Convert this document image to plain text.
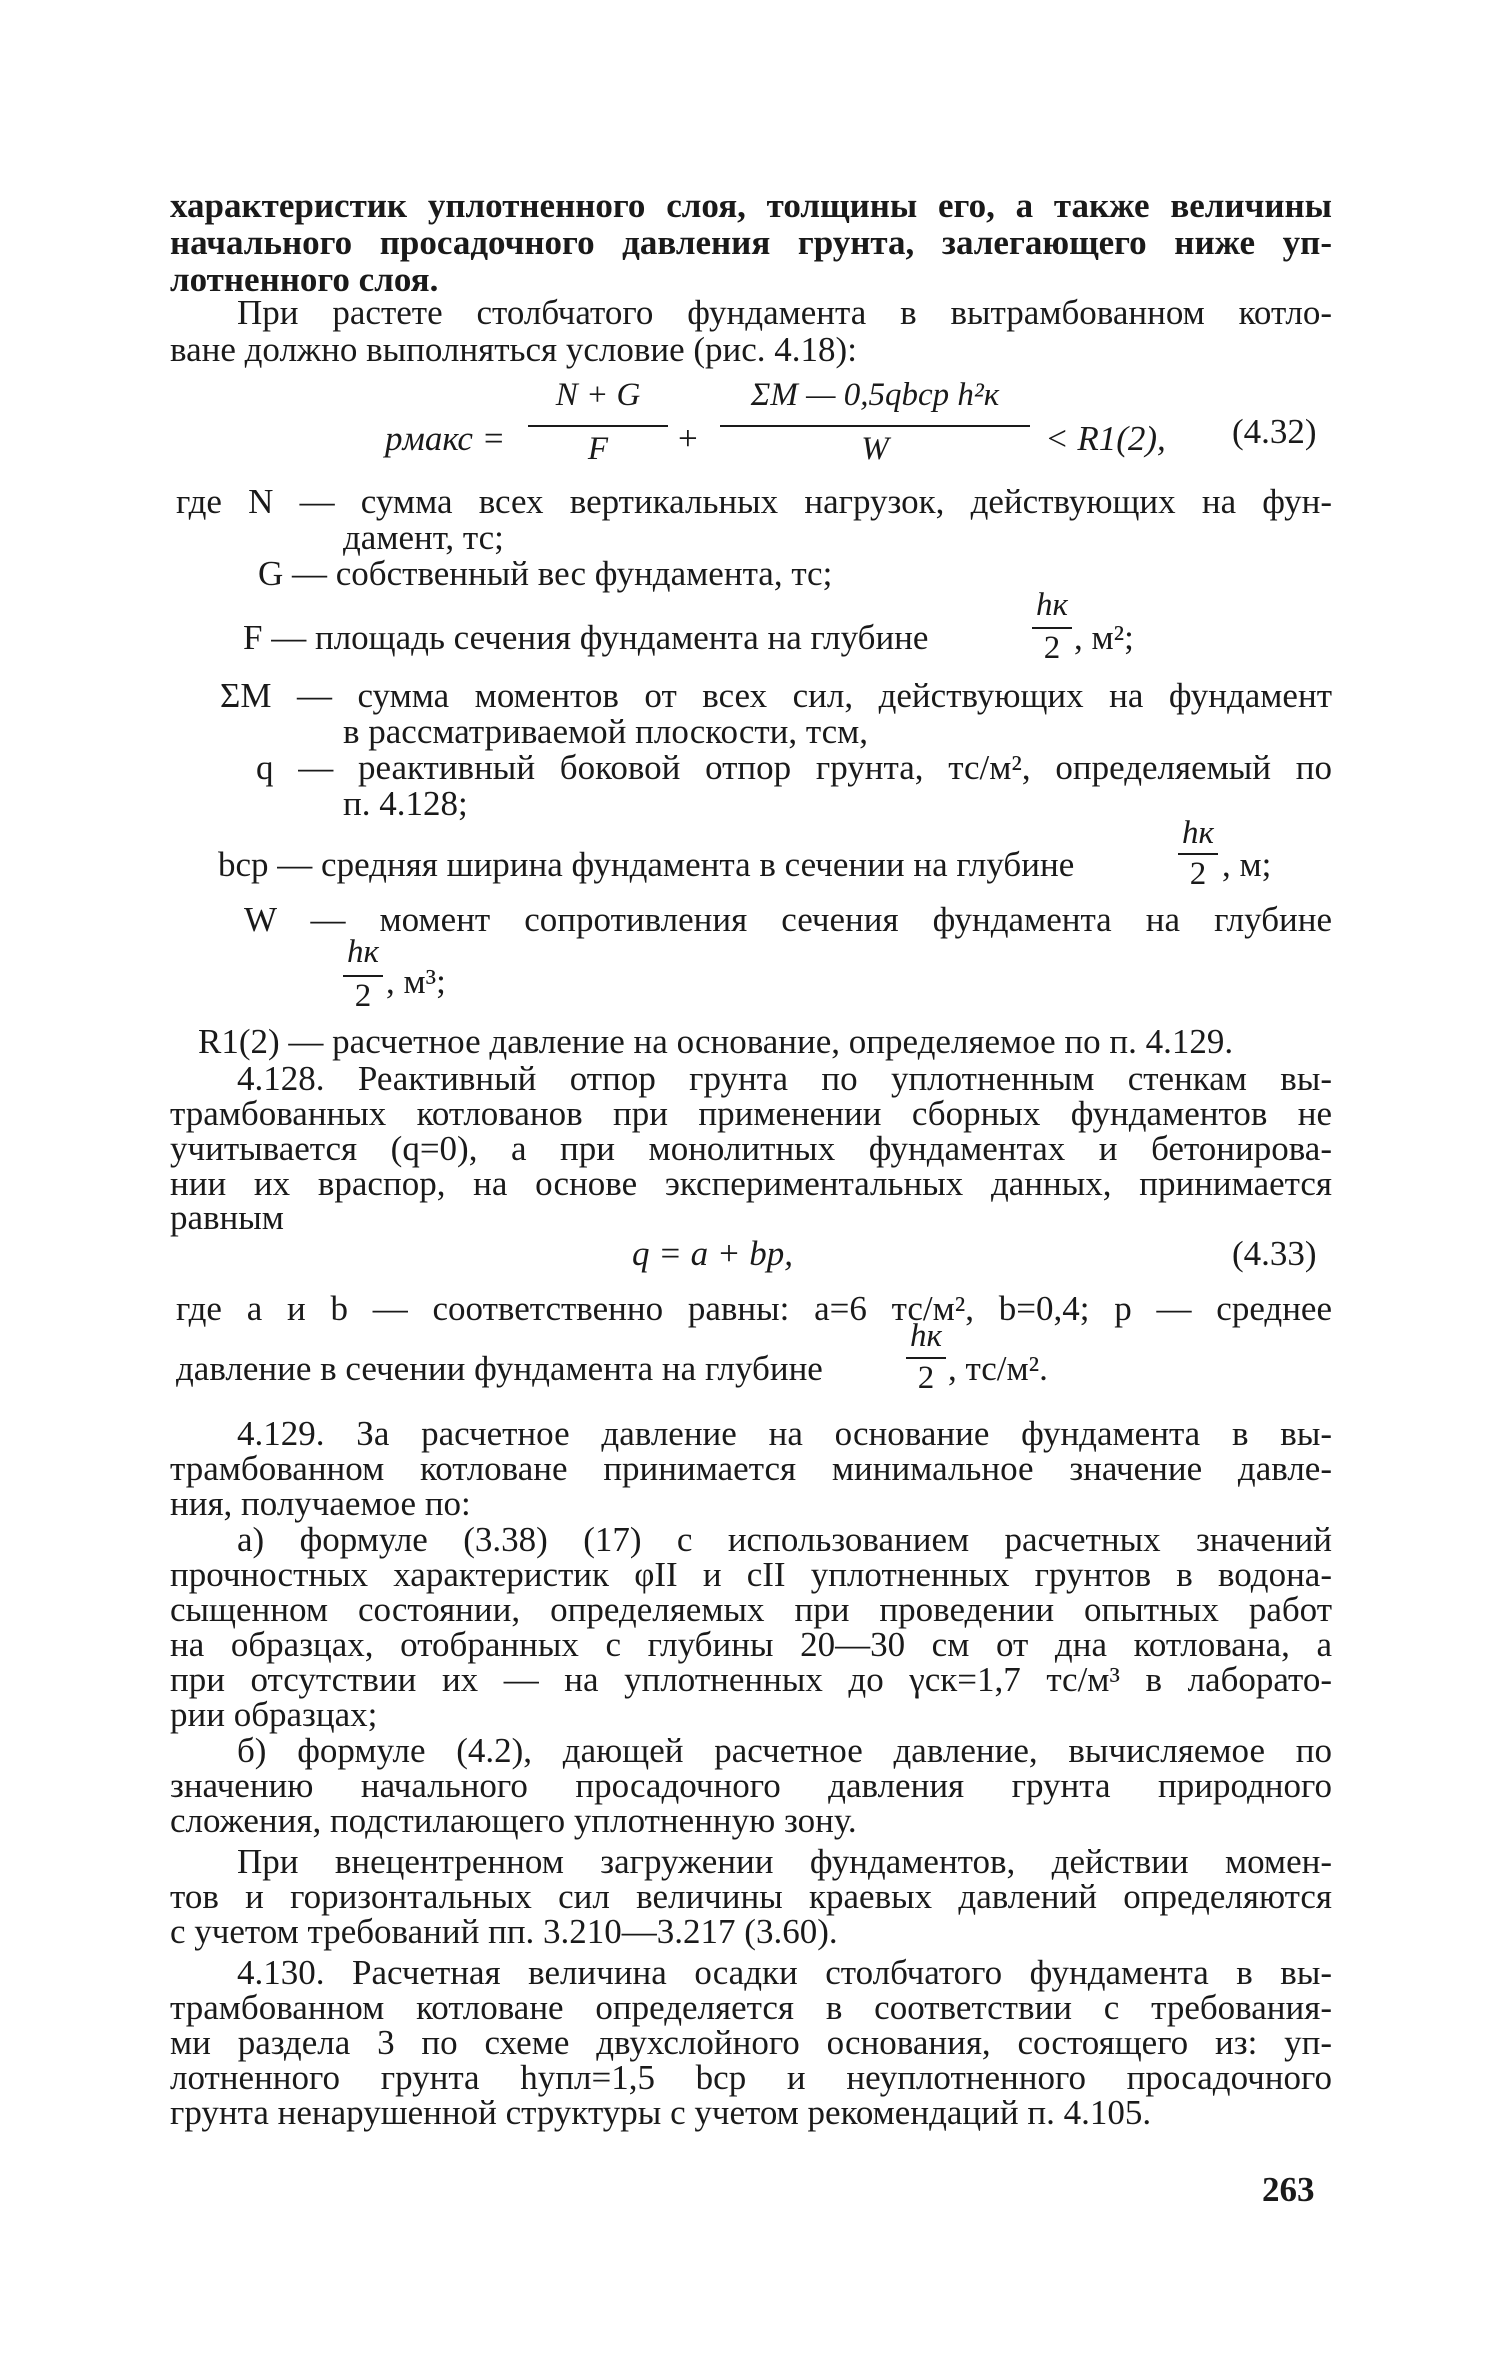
характеристик уплотненного слоя, толщины его, а также величины
начального просадочного давления грунта, залегающего ниже уп-
лотненного слоя.
При растете столбчатого фундамента в вытрамбованном котло-
ване должно выполняться условие (рис. 4.18):
pмакс =
N + G
F	+
ΣM — 0,5qbср h²к
W	< R1(2), (4.32)
где N — сумма всех вертикальных нагрузок, действующих на фун-
дамент, тс;
G — собственный вес фундамента, тс;
F — площадь сечения фундамента на глубине
hк
2 , м²;
ΣM — сумма моментов от всех сил, действующих на фундамент
в рассматриваемой плоскости, тсм,
q — реактивный боковой отпор грунта, тс/м², определяемый по
п. 4.128;
bср — средняя ширина фундамента в сечении на глубине
hк
2 , м;
W — момент сопротивления сечения фундамента на глубине
hк
2 , м³;
R1(2) — расчетное давление на основание, определяемое по п. 4.129.
4.128. Реактивный отпор грунта по уплотненным стенкам вы-
трамбованных котлованов при применении сборных фундаментов не
учитывается (q=0), а при монолитных фундаментах и бетонирова-
нии их враспор, на основе экспериментальных данных, принимается
равным
q = a + bp,	(4.33)
где a и b — соответственно равны: a=6 тс/м², b=0,4; p — среднее
давление в сечении фундамента на глубине
hк
2 , тс/м².
4.129. За расчетное давление на основание фундамента в вы-
трамбованном котловане принимается минимальное значение давле-
ния, получаемое по:
а) формуле (3.38) (17) с использованием расчетных значений
прочностных характеристик φII и cII уплотненных грунтов в водона-
сыщенном состоянии, определяемых при проведении опытных работ
на образцах, отобранных с глубины 20—30 см от дна котлована, а
при отсутствии их — на уплотненных до γск=1,7 тс/м³ в лаборато-
рии образцах;
б) формуле (4.2), дающей расчетное давление, вычисляемое по
значению начального просадочного давления грунта природного
сложения, подстилающего уплотненную зону.
При внецентренном загружении фундаментов, действии момен-
тов и горизонтальных сил величины краевых давлений определяются
с учетом требований пп. 3.210—3.217 (3.60).
4.130. Расчетная величина осадки столбчатого фундамента в вы-
трамбованном котловане определяется в соответствии с требования-
ми раздела 3 по схеме двухслойного основания, состоящего из: уп-
лотненного грунта hупл=1,5 bср и неуплотненного просадочного
грунта ненарушенной структуры с учетом рекомендаций п. 4.105.
263
